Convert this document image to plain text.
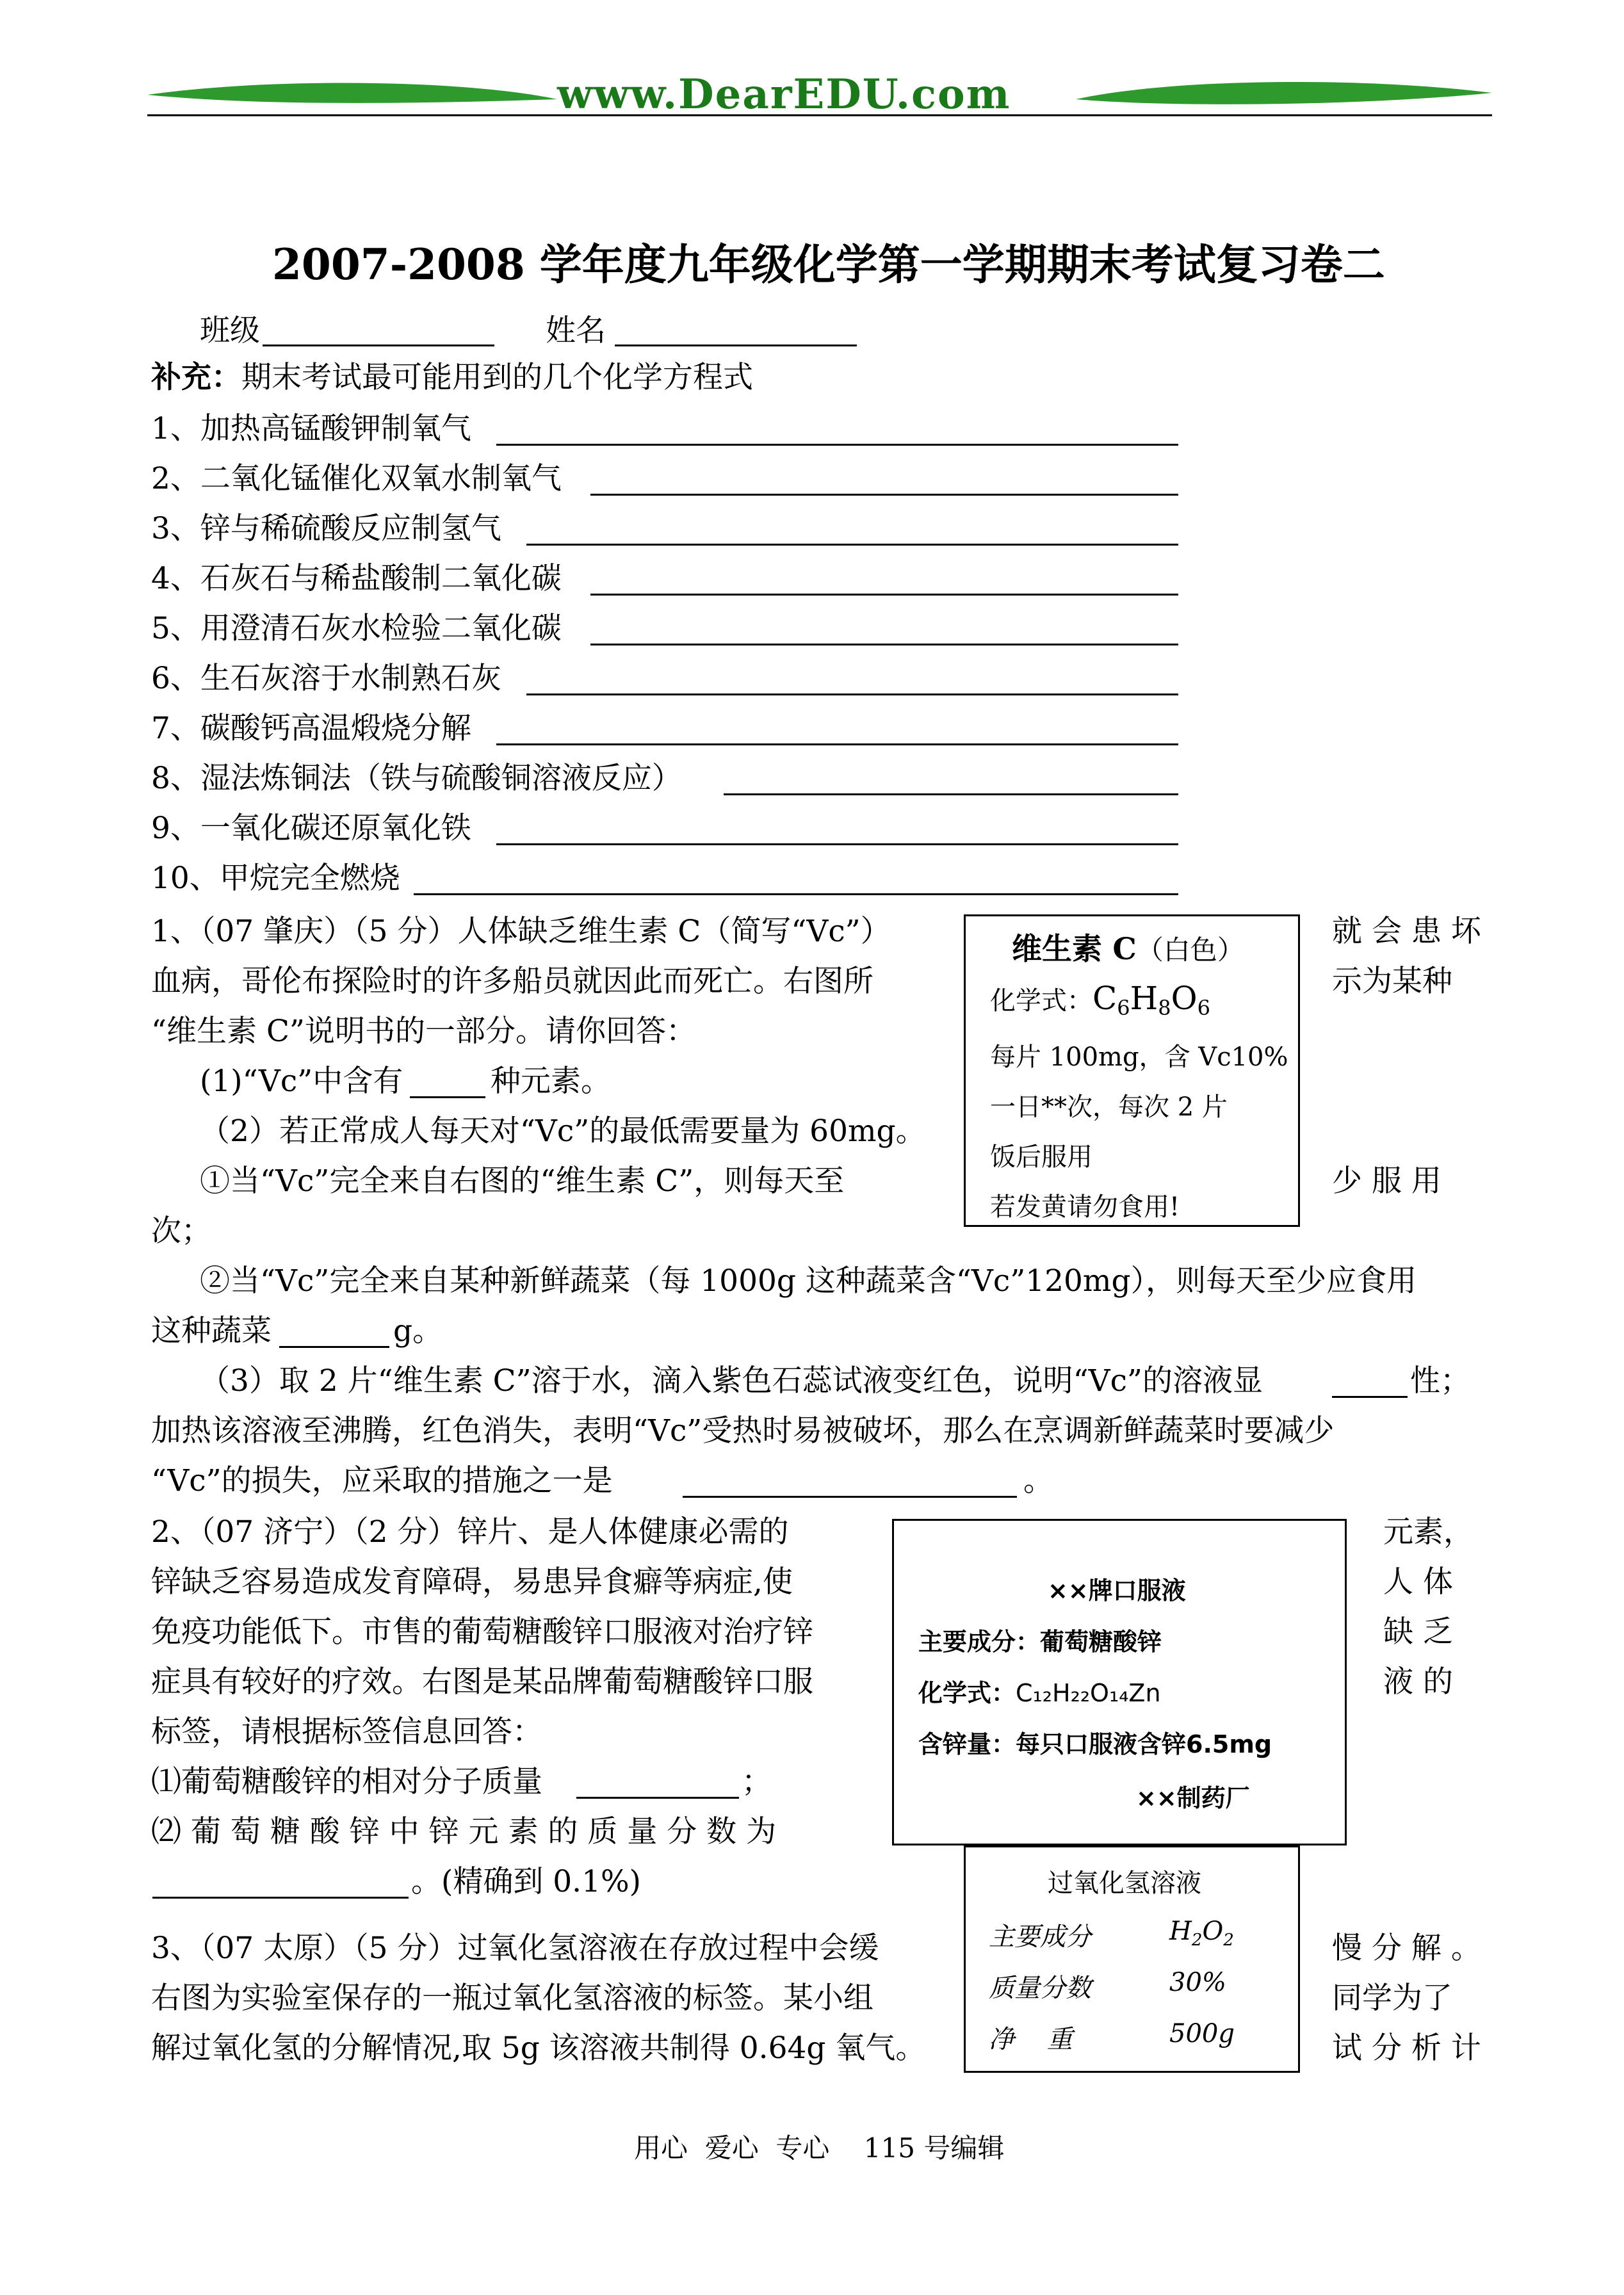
www.DearEDU.com
2007-2008 学年度九年级化学第一学期期末考试复习卷二
班级	姓名
补充：期末考试最可能用到的几个化学方程式
1、加热高锰酸钾制氧气
2、二氧化锰催化双氧水制氧气
3、锌与稀硫酸反应制氢气
4、石灰石与稀盐酸制二氧化碳
5、用澄清石灰水检验二氧化碳
6、生石灰溶于水制熟石灰
7、碳酸钙高温煅烧分解
8、湿法炼铜法（铁与硫酸铜溶液反应）
9、一氧化碳还原氧化铁
10、甲烷完全燃烧
1、（07 肇庆）（5 分）人体缺乏维生素 C（简写“Vc”）	就 会 患 坏
血病，哥伦布探险时的许多船员就因此而死亡。右图所	示为某种
“维生素 C”说明书的一部分。请你回答：
(1)“Vc”中含有	种元素。
（2）若正常成人每天对“Vc”的最低需要量为 60mg。
①当“Vc”完全来自右图的“维生素 C”，则每天至	少 服 用
次；
②当“Vc”完全来自某种新鲜蔬菜（每 1000g 这种蔬菜含“Vc”120mg），则每天至少应食用
这种蔬菜	g。
（3）取 2 片“维生素 C”溶于水，滴入紫色石蕊试液变红色，说明“Vc”的溶液显	性；
加热该溶液至沸腾，红色消失，表明“Vc”受热时易被破坏，那么在烹调新鲜蔬菜时要减少
“Vc”的损失，应采取的措施之一是	。
维生素 C（白色）
化学式：$C_6H_8O_6$
每片 100mg，含 Vc10%
一日**次，每次 2 片
饭后服用
若发黄请勿食用!
2、（07 济宁）（2 分）锌片、是人体健康必需的	元素，
锌缺乏容易造成发育障碍，易患异食癖等病症,使	人 体
免疫功能低下。市售的葡萄糖酸锌口服液对治疗锌	缺 乏
症具有较好的疗效。右图是某品牌葡萄糖酸锌口服	液 的
标签，请根据标签信息回答：
⑴葡萄糖酸锌的相对分子质量	；
⑵ 葡 萄 糖 酸 锌 中 锌 元 素 的 质 量 分 数 为
。(精确到 0.1%)
××牌口服液
主要成分：葡萄糖酸锌
化学式：C₁₂H₂₂O₁₄Zn
含锌量：每只口服液含锌6.5mg
××制药厂
3、（07 太原）（5 分）过氧化氢溶液在存放过程中会缓	慢 分 解 。
右图为实验室保存的一瓶过氧化氢溶液的标签。某小组	同学为了
解过氧化氢的分解情况,取 5g 该溶液共制得 0.64g 氧气。	试 分 析 计
过氧化氢溶液
主要成分	$H_2O_2$
质量分数	30%
净    重	500g
用心  爱心  专心    115 号编辑
